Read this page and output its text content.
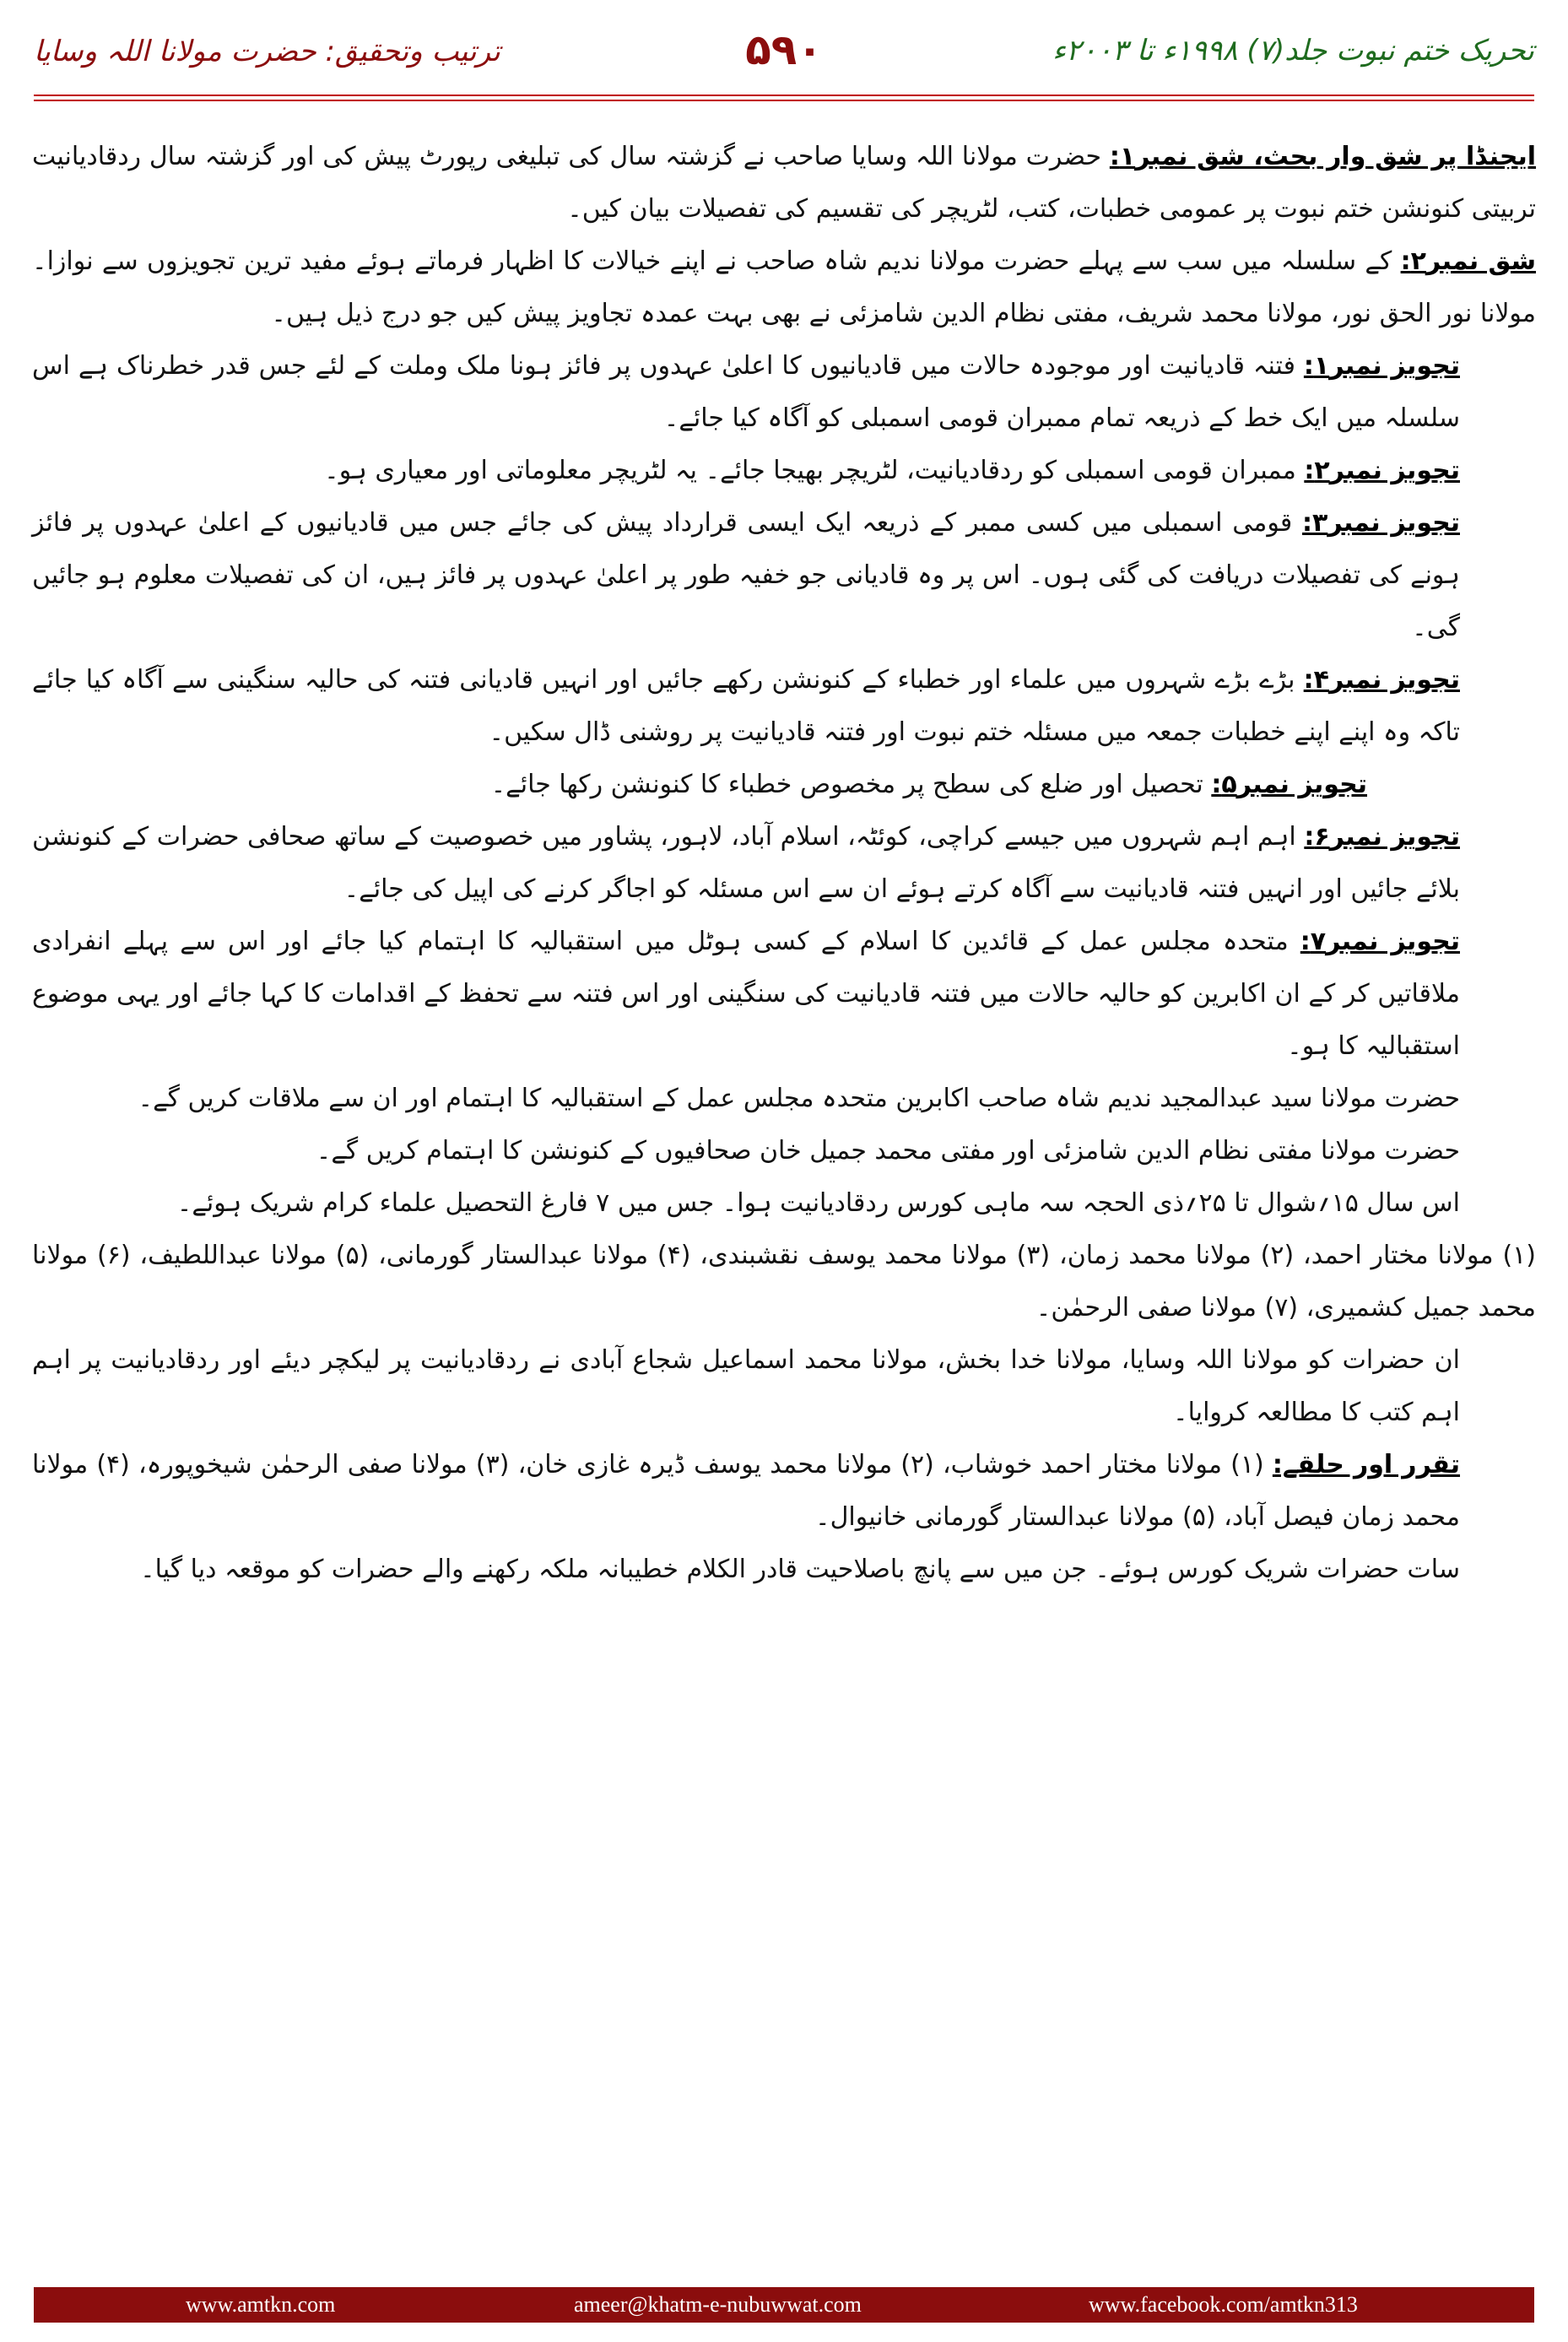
تحریک ختم نبوت جلد(۷) ۱۹۹۸ء تا ۲۰۰۳ء
۵۹۰
ترتیب وتحقیق: حضرت مولانا اللہ وسایا

ایجنڈا پر شق وار بحث، شق نمبر۱: حضرت مولانا اللہ وسایا صاحب نے گزشتہ سال کی تبلیغی رپورٹ پیش کی اور گزشتہ سال ردقادیانیت تربیتی کنونشن ختم نبوت پر عمومی خطبات، کتب، لٹریچر کی تقسیم کی تفصیلات بیان کیں۔

شق نمبر۲: کے سلسلہ میں سب سے پہلے حضرت مولانا ندیم شاہ صاحب نے اپنے خیالات کا اظہار فرماتے ہوئے مفید ترین تجویزوں سے نوازا۔ مولانا نور الحق نور، مولانا محمد شریف، مفتی نظام الدین شامزئی نے بھی بہت عمدہ تجاویز پیش کیں جو درج ذیل ہیں۔

تجویز نمبر۱: فتنہ قادیانیت اور موجودہ حالات میں قادیانیوں کا اعلیٰ عہدوں پر فائز ہونا ملک وملت کے لئے جس قدر خطرناک ہے اس سلسلہ میں ایک خط کے ذریعہ تمام ممبران قومی اسمبلی کو آگاہ کیا جائے۔

تجویز نمبر۲: ممبران قومی اسمبلی کو ردقادیانیت، لٹریچر بھیجا جائے۔ یہ لٹریچر معلوماتی اور معیاری ہو۔

تجویز نمبر۳: قومی اسمبلی میں کسی ممبر کے ذریعہ ایک ایسی قرارداد پیش کی جائے جس میں قادیانیوں کے اعلیٰ عہدوں پر فائز ہونے کی تفصیلات دریافت کی گئی ہوں۔ اس پر وہ قادیانی جو خفیہ طور پر اعلیٰ عہدوں پر فائز ہیں، ان کی تفصیلات معلوم ہو جائیں گی۔

تجویز نمبر۴: بڑے بڑے شہروں میں علماء اور خطباء کے کنونشن رکھے جائیں اور انہیں قادیانی فتنہ کی حالیہ سنگینی سے آگاہ کیا جائے تاکہ وہ اپنے اپنے خطبات جمعہ میں مسئلہ ختم نبوت اور فتنہ قادیانیت پر روشنی ڈال سکیں۔

تجویز نمبر۵: تحصیل اور ضلع کی سطح پر مخصوص خطباء کا کنونشن رکھا جائے۔

تجویز نمبر۶: اہم اہم شہروں میں جیسے کراچی، کوئٹہ، اسلام آباد، لاہور، پشاور میں خصوصیت کے ساتھ صحافی حضرات کے کنونشن بلائے جائیں اور انہیں فتنہ قادیانیت سے آگاہ کرتے ہوئے ان سے اس مسئلہ کو اجاگر کرنے کی اپیل کی جائے۔

تجویز نمبر۷: متحدہ مجلس عمل کے قائدین کا اسلام کے کسی ہوٹل میں استقبالیہ کا اہتمام کیا جائے اور اس سے پہلے انفرادی ملاقاتیں کر کے ان اکابرین کو حالیہ حالات میں فتنہ قادیانیت کی سنگینی اور اس فتنہ سے تحفظ کے اقدامات کا کہا جائے اور یہی موضوع استقبالیہ کا ہو۔

حضرت مولانا سید عبدالمجید ندیم شاہ صاحب اکابرین متحدہ مجلس عمل کے استقبالیہ کا اہتمام اور ان سے ملاقات کریں گے۔

حضرت مولانا مفتی نظام الدین شامزئی اور مفتی محمد جمیل خان صحافیوں کے کنونشن کا اہتمام کریں گے۔

اس سال ۱۵؍شوال تا ۲۵؍ذی الحجہ سہ ماہی کورس ردقادیانیت ہوا۔ جس میں ۷ فارغ التحصیل علماء کرام شریک ہوئے۔

(۱) مولانا مختار احمد، (۲) مولانا محمد زمان، (۳) مولانا محمد یوسف نقشبندی، (۴) مولانا عبدالستار گورمانی، (۵) مولانا عبداللطیف، (۶) مولانا محمد جمیل کشمیری، (۷) مولانا صفی الرحمٰن۔

ان حضرات کو مولانا اللہ وسایا، مولانا خدا بخش، مولانا محمد اسماعیل شجاع آبادی نے ردقادیانیت پر لیکچر دیئے اور ردقادیانیت پر اہم اہم کتب کا مطالعہ کروایا۔

تقرر اور حلقے: (۱) مولانا مختار احمد خوشاب، (۲) مولانا محمد یوسف ڈیرہ غازی خان، (۳) مولانا صفی الرحمٰن شیخوپورہ، (۴) مولانا محمد زمان فیصل آباد، (۵) مولانا عبدالستار گورمانی خانیوال۔

سات حضرات شریک کورس ہوئے۔ جن میں سے پانچ باصلاحیت قادر الکلام خطیبانہ ملکہ رکھنے والے حضرات کو موقعہ دیا گیا۔

www.amtkn.com	ameer@khatm-e-nubuwwat.com	www.facebook.com/amtkn313
